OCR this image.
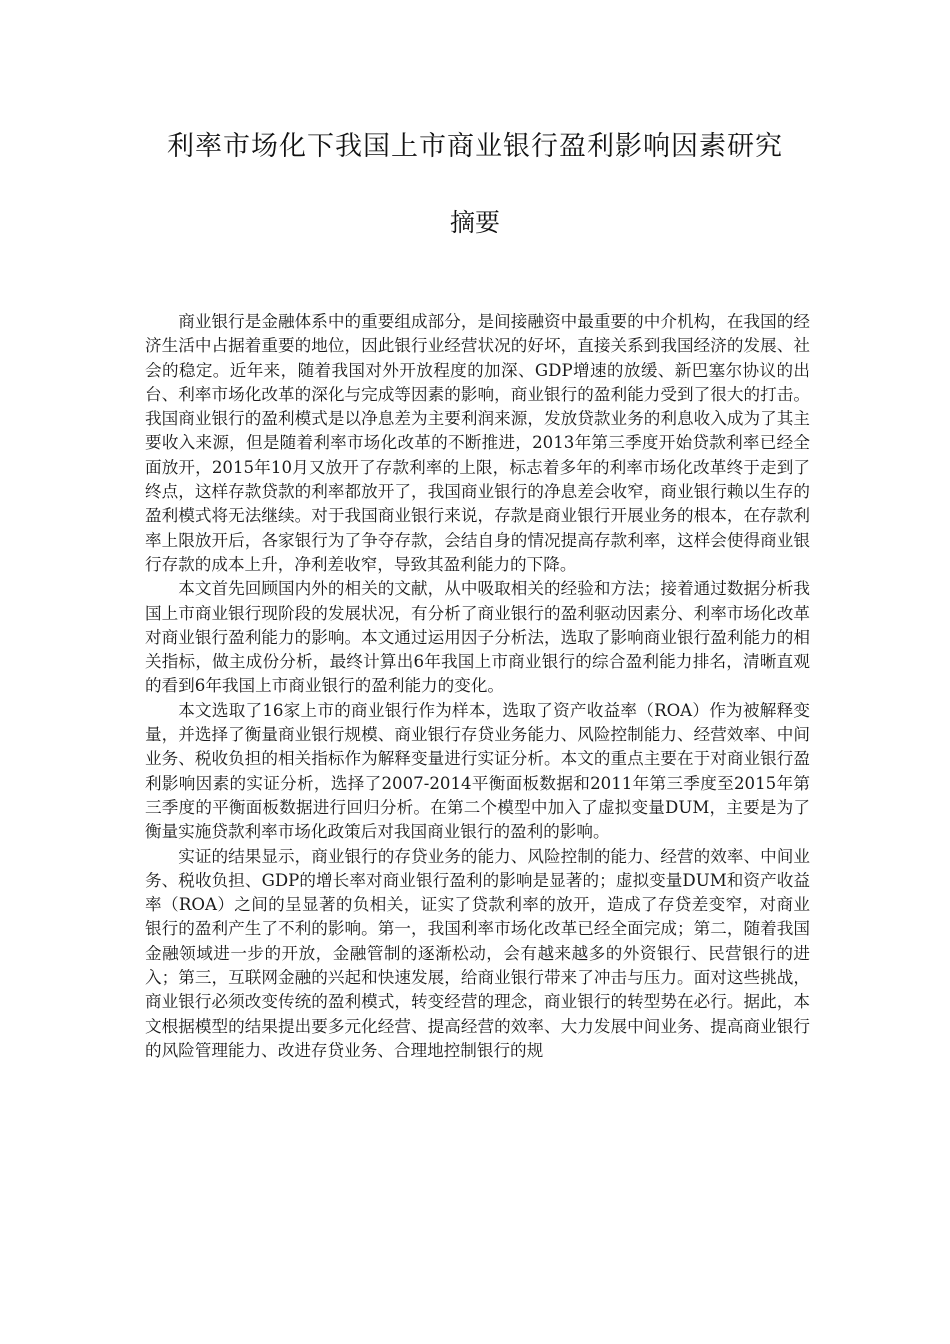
利率市场化下我国上市商业银行盈利影响因素研究
摘要

商业银行是金融体系中的重要组成部分，是间接融资中最重要的中介机构，在我国的经济生活中占据着重要的地位，因此银行业经营状况的好坏，直接关系到我国经济的发展、社会的稳定。近年来，随着我国对外开放程度的加深、GDP增速的放缓、新巴塞尔协议的出台、利率市场化改革的深化与完成等因素的影响，商业银行的盈利能力受到了很大的打击。我国商业银行的盈利模式是以净息差为主要利润来源，发放贷款业务的利息收入成为了其主要收入来源，但是随着利率市场化改革的不断推进，2013年第三季度开始贷款利率已经全面放开，2015年10月又放开了存款利率的上限，标志着多年的利率市场化改革终于走到了终点，这样存款贷款的利率都放开了，我国商业银行的净息差会收窄，商业银行赖以生存的盈利模式将无法继续。对于我国商业银行来说，存款是商业银行开展业务的根本，在存款利率上限放开后，各家银行为了争夺存款，会结自身的情况提高存款利率，这样会使得商业银行存款的成本上升，净利差收窄，导致其盈利能力的下降。

本文首先回顾国内外的相关的文献，从中吸取相关的经验和方法；接着通过数据分析我国上市商业银行现阶段的发展状况，有分析了商业银行的盈利驱动因素分、利率市场化改革对商业银行盈利能力的影响。本文通过运用因子分析法，选取了影响商业银行盈利能力的相关指标，做主成份分析，最终计算出6年我国上市商业银行的综合盈利能力排名，清晰直观的看到6年我国上市商业银行的盈利能力的变化。

本文选取了16家上市的商业银行作为样本，选取了资产收益率（ROA）作为被解释变量，并选择了衡量商业银行规模、商业银行存贷业务能力、风险控制能力、经营效率、中间业务、税收负担的相关指标作为解释变量进行实证分析。本文的重点主要在于对商业银行盈利影响因素的实证分析，选择了2007-2014平衡面板数据和2011年第三季度至2015年第三季度的平衡面板数据进行回归分析。在第二个模型中加入了虚拟变量DUM，主要是为了衡量实施贷款利率市场化政策后对我国商业银行的盈利的影响。

实证的结果显示，商业银行的存贷业务的能力、风险控制的能力、经营的效率、中间业务、税收负担、GDP的增长率对商业银行盈利的影响是显著的；虚拟变量DUM和资产收益率（ROA）之间的呈显著的负相关，证实了贷款利率的放开，造成了存贷差变窄，对商业银行的盈利产生了不利的影响。第一，我国利率市场化改革已经全面完成；第二，随着我国金融领域进一步的开放，金融管制的逐渐松动，会有越来越多的外资银行、民营银行的进入；第三，互联网金融的兴起和快速发展，给商业银行带来了冲击与压力。面对这些挑战，商业银行必须改变传统的盈利模式，转变经营的理念，商业银行的转型势在必行。据此，本文根据模型的结果提出要多元化经营、提高经营的效率、大力发展中间业务、提高商业银行的风险管理能力、改进存贷业务、合理地控制银行的规
